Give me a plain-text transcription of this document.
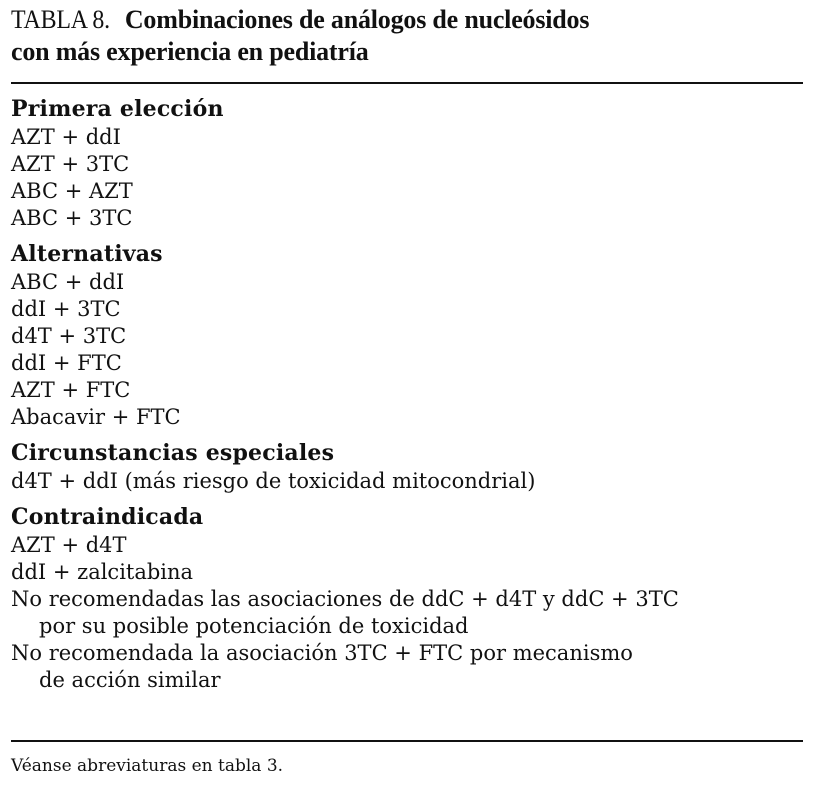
TABLA 8. Combinaciones de análogos de nucleósidos
con más experiencia en pediatría
Primera elección
AZT + ddI
AZT + 3TC
ABC + AZT
ABC + 3TC
Alternativas
ABC + ddI
ddI + 3TC
d4T + 3TC
ddI + FTC
AZT + FTC
Abacavir + FTC
Circunstancias especiales
d4T + ddI (más riesgo de toxicidad mitocondrial)
Contraindicada
AZT + d4T
ddI + zalcitabina
No recomendadas las asociaciones de ddC + d4T y ddC + 3TC
por su posible potenciación de toxicidad
No recomendada la asociación 3TC + FTC por mecanismo
de acción similar
Véanse abreviaturas en tabla 3.
